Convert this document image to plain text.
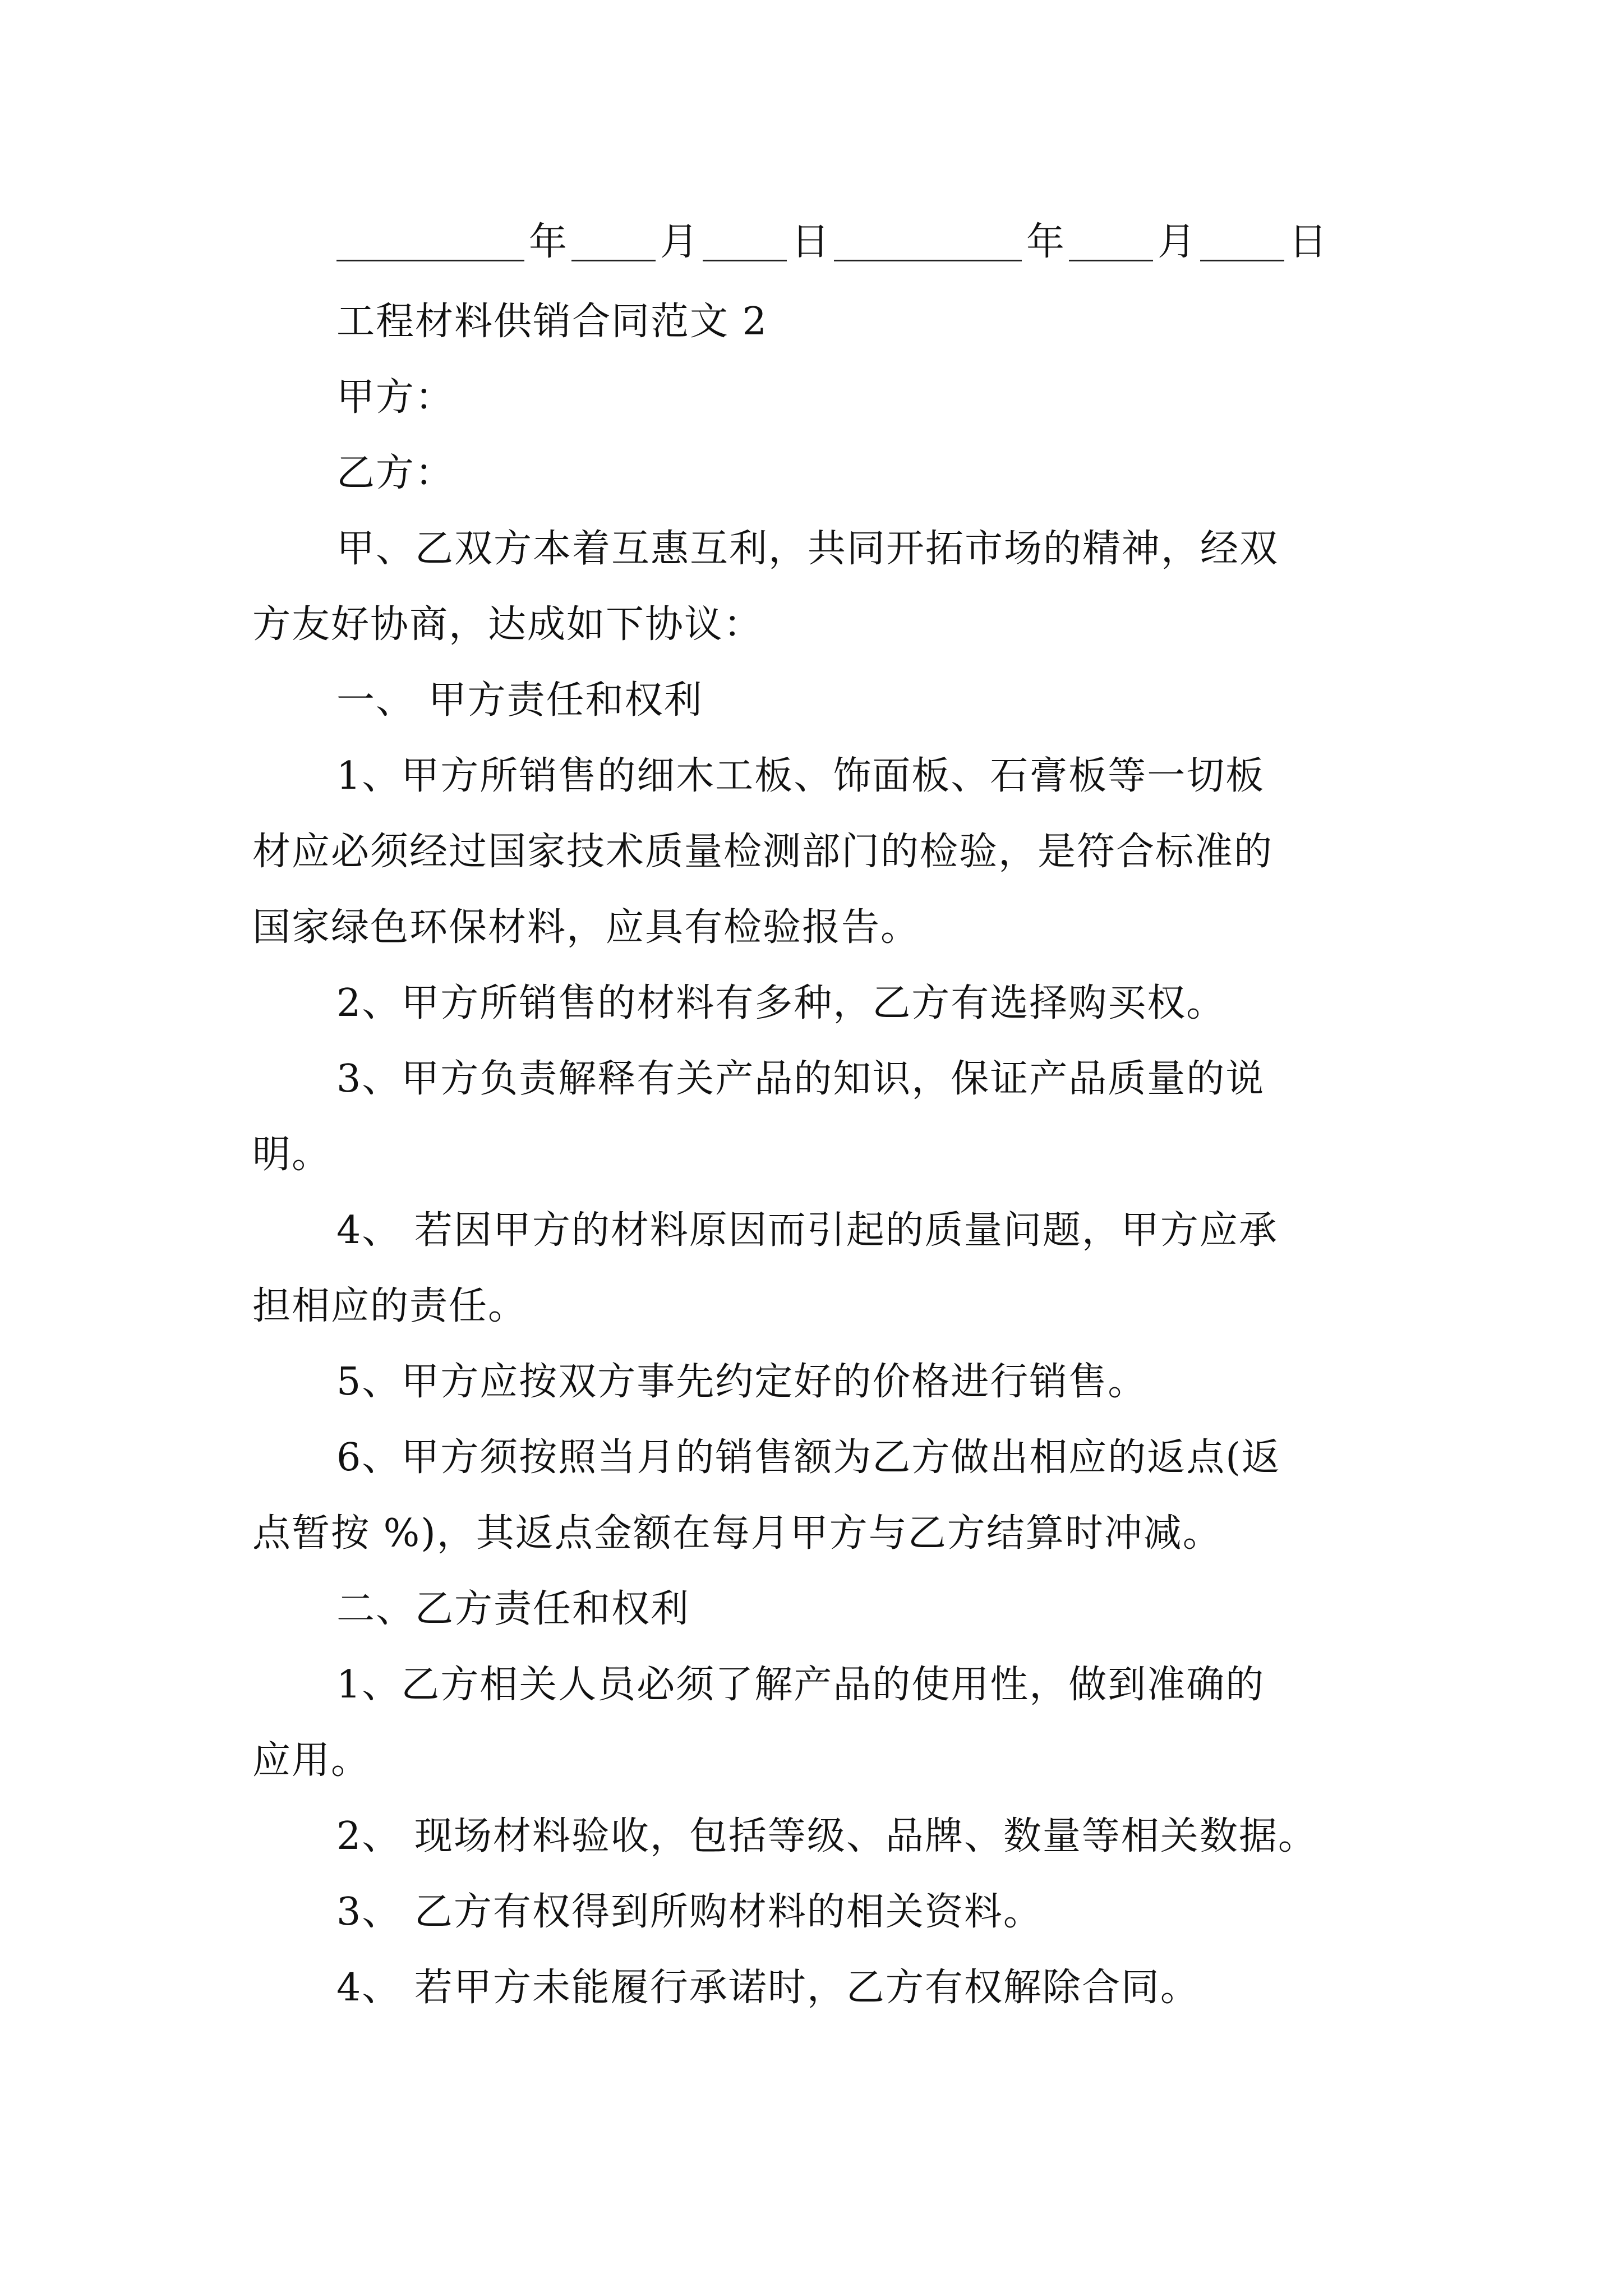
年 月 日	年 月 日
工程材料供销合同范文 2
甲方：
乙方：
甲、乙双方本着互惠互利，共同开拓市场的精神，经双
方友好协商，达成如下协议：
一、 甲方责任和权利
1、甲方所销售的细木工板、饰面板、石膏板等一切板
材应必须经过国家技术质量检测部门的检验，是符合标准的
国家绿色环保材料，应具有检验报告。
2、甲方所销售的材料有多种，乙方有选择购买权。
3、甲方负责解释有关产品的知识，保证产品质量的说
明。
4、 若因甲方的材料原因而引起的质量问题，甲方应承
担相应的责任。
5、甲方应按双方事先约定好的价格进行销售。
6、甲方须按照当月的销售额为乙方做出相应的返点(返
点暂按 %)，其返点金额在每月甲方与乙方结算时冲减。
二、乙方责任和权利
1、乙方相关人员必须了解产品的使用性，做到准确的
应用。
2、 现场材料验收，包括等级、品牌、数量等相关数据。
3、 乙方有权得到所购材料的相关资料。
4、 若甲方未能履行承诺时，乙方有权解除合同。
